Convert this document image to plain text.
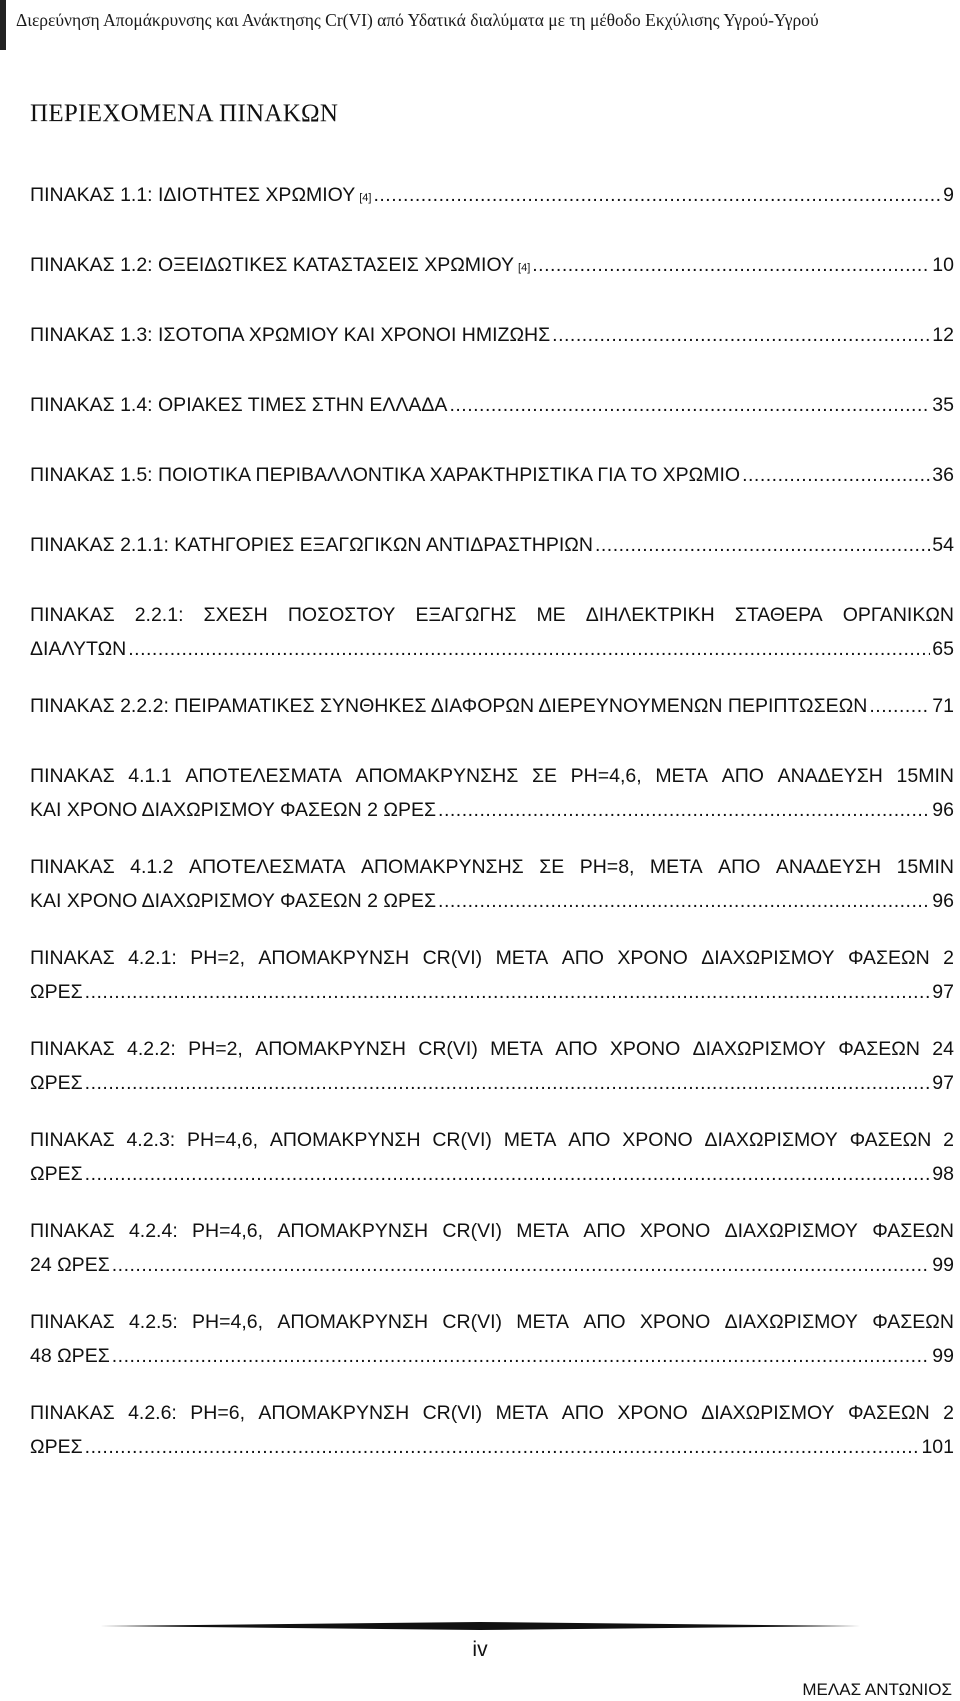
Διερεύνηση Απομάκρυνσης και Ανάκτησης Cr(VI) από Υδατικά διαλύματα με τη μέθοδο Εκχύλισης Υγρού-Υγρού
ΠΕΡΙΕΧΟΜΕΝΑ ΠΙΝΑΚΩΝ
ΠΙΝΑΚΑΣ 1.1: ΙΔΙΟΤΗΤΕΣ ΧΡΩΜΙΟΥ [4] .....	9
ΠΙΝΑΚΑΣ 1.2: ΟΞΕΙΔΩΤΙΚΕΣ ΚΑΤΑΣΤΑΣΕΙΣ ΧΡΩΜΙΟΥ [4] .....	10
ΠΙΝΑΚΑΣ 1.3: ΙΣΟΤΟΠΑ ΧΡΩΜΙΟΥ ΚΑΙ ΧΡΟΝΟΙ ΗΜΙΖΩΗΣ .....	12
ΠΙΝΑΚΑΣ 1.4: ΟΡΙΑΚΕΣ ΤΙΜΕΣ ΣΤΗΝ ΕΛΛΑΔΑ .....	35
ΠΙΝΑΚΑΣ 1.5: ΠΟΙΟΤΙΚΑ ΠΕΡΙΒΑΛΛΟΝΤΙΚΑ ΧΑΡΑΚΤΗΡΙΣΤΙΚΑ ΓΙΑ ΤΟ ΧΡΩΜΙΟ .....	36
ΠΙΝΑΚΑΣ 2.1.1: ΚΑΤΗΓΟΡΙΕΣ ΕΞΑΓΩΓΙΚΩΝ ΑΝΤΙΔΡΑΣΤΗΡΙΩΝ .....	54
ΠΙΝΑΚΑΣ 2.2.1: ΣΧΕΣΗ ΠΟΣΟΣΤΟΥ ΕΞΑΓΩΓΗΣ ΜΕ ΔΙΗΛΕΚΤΡΙΚΗ ΣΤΑΘΕΡΑ ΟΡΓΑΝΙΚΩΝ
ΔΙΑΛΥΤΩΝ .....	65
ΠΙΝΑΚΑΣ 2.2.2: ΠΕΙΡΑΜΑΤΙΚΕΣ ΣΥΝΘΗΚΕΣ ΔΙΑΦΟΡΩΝ ΔΙΕΡΕΥΝΟΥΜΕΝΩΝ ΠΕΡΙΠΤΩΣΕΩΝ .....	71
ΠΙΝΑΚΑΣ 4.1.1 ΑΠΟΤΕΛΕΣΜΑΤΑ ΑΠΟΜΑΚΡΥΝΣΗΣ ΣΕ PH=4,6, ΜΕΤΑ ΑΠΟ ΑΝΑΔΕΥΣΗ 15MIN
ΚΑΙ ΧΡΟΝΟ ΔΙΑΧΩΡΙΣΜΟΥ ΦΑΣΕΩΝ 2 ΩΡΕΣ .....	96
ΠΙΝΑΚΑΣ 4.1.2 ΑΠΟΤΕΛΕΣΜΑΤΑ ΑΠΟΜΑΚΡΥΝΣΗΣ ΣΕ PH=8, ΜΕΤΑ ΑΠΟ ΑΝΑΔΕΥΣΗ 15MIN
ΚΑΙ ΧΡΟΝΟ ΔΙΑΧΩΡΙΣΜΟΥ ΦΑΣΕΩΝ 2 ΩΡΕΣ .....	96
ΠΙΝΑΚΑΣ 4.2.1: PH=2, ΑΠΟΜΑΚΡΥΝΣΗ CR(VI) ΜΕΤΑ ΑΠΟ ΧΡΟΝΟ ΔΙΑΧΩΡΙΣΜΟΥ ΦΑΣΕΩΝ 2
ΩΡΕΣ .....	97
ΠΙΝΑΚΑΣ 4.2.2: PH=2, ΑΠΟΜΑΚΡΥΝΣΗ CR(VI) ΜΕΤΑ ΑΠΟ ΧΡΟΝΟ ΔΙΑΧΩΡΙΣΜΟΥ ΦΑΣΕΩΝ 24
ΩΡΕΣ .....	97
ΠΙΝΑΚΑΣ 4.2.3: PH=4,6, ΑΠΟΜΑΚΡΥΝΣΗ CR(VI) ΜΕΤΑ ΑΠΟ ΧΡΟΝΟ ΔΙΑΧΩΡΙΣΜΟΥ ΦΑΣΕΩΝ 2
ΩΡΕΣ .....	98
ΠΙΝΑΚΑΣ 4.2.4: PH=4,6, ΑΠΟΜΑΚΡΥΝΣΗ CR(VI) ΜΕΤΑ ΑΠΟ ΧΡΟΝΟ ΔΙΑΧΩΡΙΣΜΟΥ ΦΑΣΕΩΝ
24 ΩΡΕΣ .....	99
ΠΙΝΑΚΑΣ 4.2.5: PH=4,6, ΑΠΟΜΑΚΡΥΝΣΗ CR(VI) ΜΕΤΑ ΑΠΟ ΧΡΟΝΟ ΔΙΑΧΩΡΙΣΜΟΥ ΦΑΣΕΩΝ
48 ΩΡΕΣ .....	99
ΠΙΝΑΚΑΣ 4.2.6: PH=6, ΑΠΟΜΑΚΡΥΝΣΗ CR(VI) ΜΕΤΑ ΑΠΟ ΧΡΟΝΟ ΔΙΑΧΩΡΙΣΜΟΥ ΦΑΣΕΩΝ 2
ΩΡΕΣ .....	101
iv
ΜΕΛΑΣ ΑΝΤΩΝΙΟΣ
